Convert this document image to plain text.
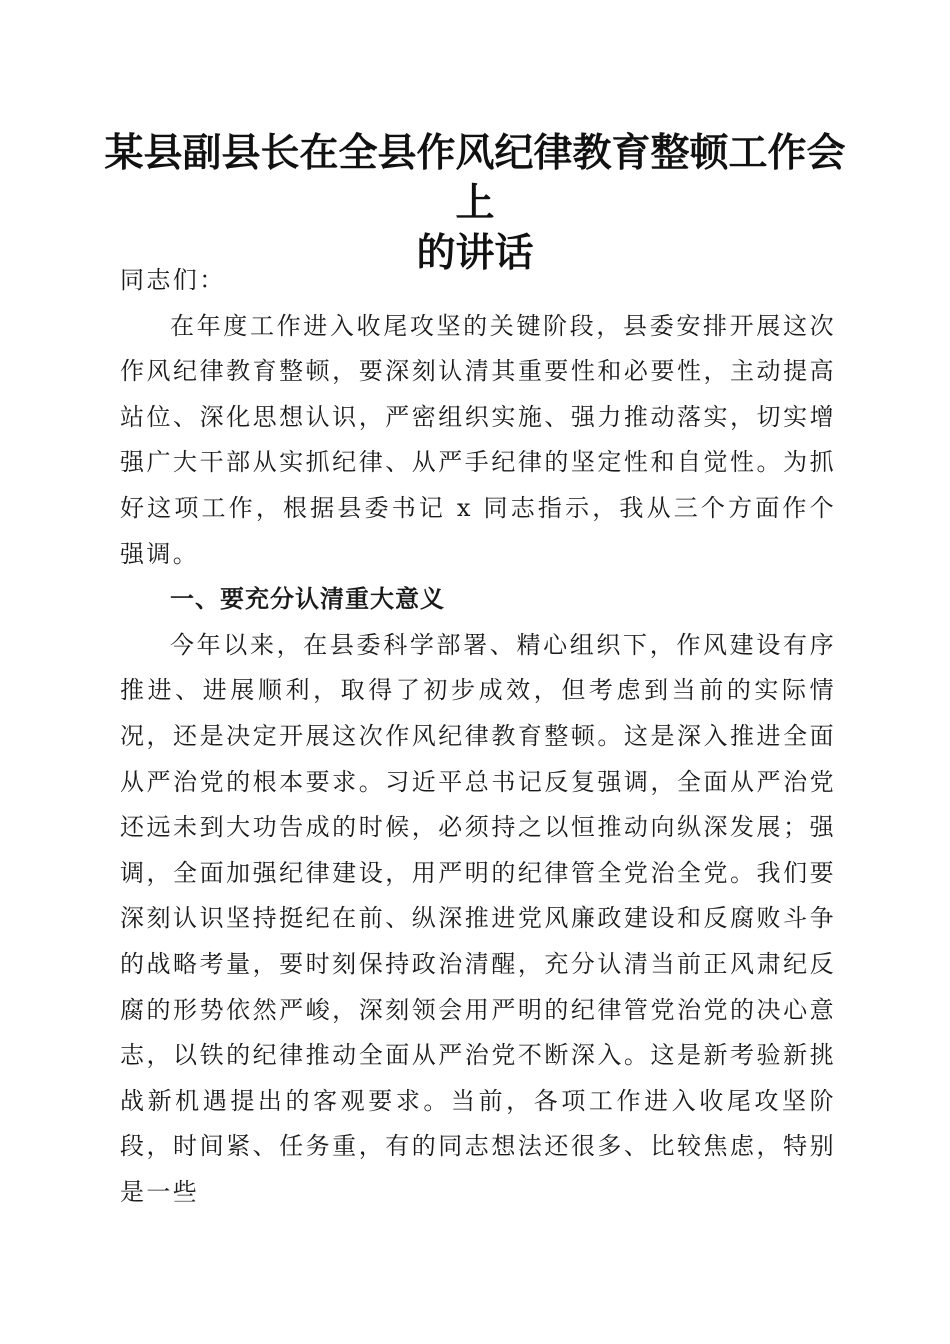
某县副县长在全县作风纪律教育整顿工作会上
的讲话

同志们：

在年度工作进入收尾攻坚的关键阶段，县委安排开展这次作风纪律教育整顿，要深刻认清其重要性和必要性，主动提高站位、深化思想认识，严密组织实施、强力推动落实，切实增强广大干部从实抓纪律、从严手纪律的坚定性和自觉性。为抓好这项工作，根据县委书记 x 同志指示，我从三个方面作个强调。

一、要充分认清重大意义

今年以来，在县委科学部署、精心组织下，作风建设有序推进、进展顺利，取得了初步成效，但考虑到当前的实际情况，还是决定开展这次作风纪律教育整顿。这是深入推进全面从严治党的根本要求。习近平总书记反复强调，全面从严治党还远未到大功告成的时候，必须持之以恒推动向纵深发展；强调，全面加强纪律建设，用严明的纪律管全党治全党。我们要深刻认识坚持挺纪在前、纵深推进党风廉政建设和反腐败斗争的战略考量，要时刻保持政治清醒，充分认清当前正风肃纪反腐的形势依然严峻，深刻领会用严明的纪律管党治党的决心意志，以铁的纪律推动全面从严治党不断深入。这是新考验新挑战新机遇提出的客观要求。当前，各项工作进入收尾攻坚阶段，时间紧、任务重，有的同志想法还很多、比较焦虑，特别是一些
